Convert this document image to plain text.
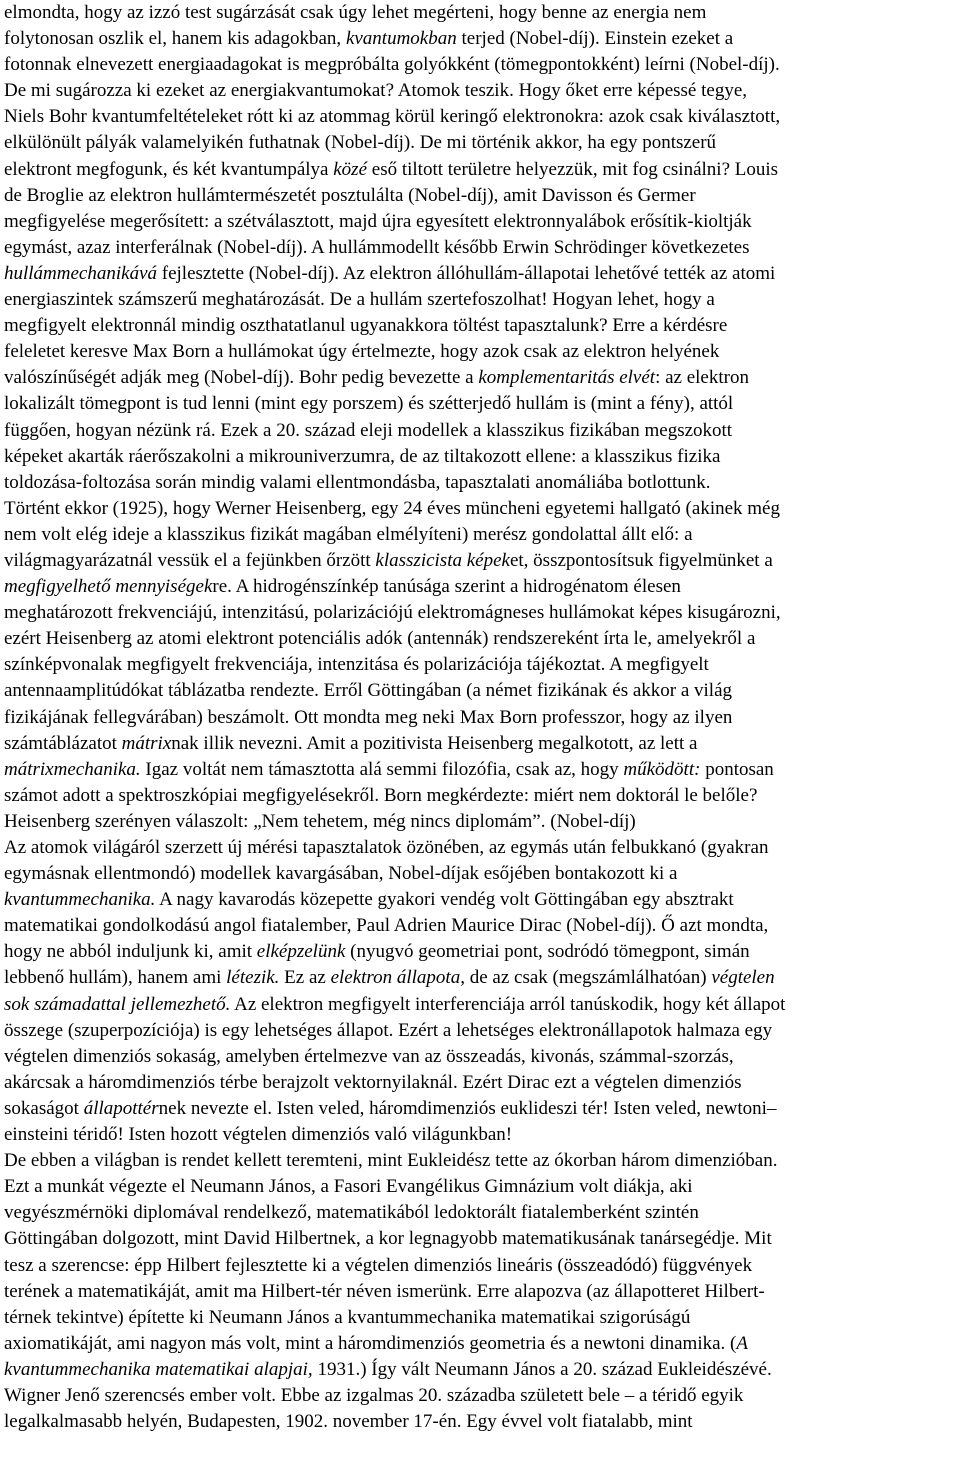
elmondta, hogy az izzó test sugárzását csak úgy lehet megérteni, hogy benne az energia nem
folytonosan oszlik el, hanem kis adagokban, kvantumokban terjed (Nobel-díj). Einstein ezeket a
fotonnak elnevezett energiaadagokat is megpróbálta golyókként (tömegpontokként) leírni (Nobel-díj).
De mi sugározza ki ezeket az energiakvantumokat? Atomok teszik. Hogy őket erre képessé tegye,
Niels Bohr kvantumfeltételeket rótt ki az atommag körül keringő elektronokra: azok csak kiválasztott,
elkülönült pályák valamelyikén futhatnak (Nobel-díj). De mi történik akkor, ha egy pontszerű
elektront megfogunk, és két kvantumpálya közé eső tiltott területre helyezzük, mit fog csinálni? Louis
de Broglie az elektron hullámtermészetét posztulálta (Nobel-díj), amit Davisson és Germer
megfigyelése megerősített: a szétválasztott, majd újra egyesített elektronnyalábok erősítik-kioltják
egymást, azaz interferálnak (Nobel-díj). A hullámmodellt később Erwin Schrödinger következetes
hullámmechanikává fejlesztette (Nobel-díj). Az elektron állóhullám-állapotai lehetővé tették az atomi
energiaszintek számszerű meghatározását. De a hullám szertefoszolhat! Hogyan lehet, hogy a
megfigyelt elektronnál mindig oszthatatlanul ugyanakkora töltést tapasztalunk? Erre a kérdésre
feleletet keresve Max Born a hullámokat úgy értelmezte, hogy azok csak az elektron helyének
valószínűségét adják meg (Nobel-díj). Bohr pedig bevezette a komplementaritás elvét: az elektron
lokalizált tömegpont is tud lenni (mint egy porszem) és szétterjedő hullám is (mint a fény), attól
függően, hogyan nézünk rá. Ezek a 20. század eleji modellek a klasszikus fizikában megszokott
képeket akarták ráerőszakolni a mikrouniverzumra, de az tiltakozott ellene: a klasszikus fizika
toldozása-foltozása során mindig valami ellentmondásba, tapasztalati anomáliába botlottunk.
Történt ekkor (1925), hogy Werner Heisenberg, egy 24 éves müncheni egyetemi hallgató (akinek még
nem volt elég ideje a klasszikus fizikát magában elmélyíteni) merész gondolattal állt elő: a
világmagyarázatnál vessük el a fejünkben őrzött klasszicista képeket, összpontosítsuk figyelmünket a
megfigyelhető mennyiségekre. A hidrogénszínkép tanúsága szerint a hidrogénatom élesen
meghatározott frekvenciájú, intenzitású, polarizációjú elektromágneses hullámokat képes kisugározni,
ezért Heisenberg az atomi elektront potenciális adók (antennák) rendszereként írta le, amelyekről a
színképvonalak megfigyelt frekvenciája, intenzitása és polarizációja tájékoztat. A megfigyelt
antennaamplitúdókat táblázatba rendezte. Erről Göttingában (a német fizikának és akkor a világ
fizikájának fellegvárában) beszámolt. Ott mondta meg neki Max Born professzor, hogy az ilyen
számtáblázatot mátrixnak illik nevezni. Amit a pozitivista Heisenberg megalkotott, az lett a
mátrixmechanika. Igaz voltát nem támasztotta alá semmi filozófia, csak az, hogy működött: pontosan
számot adott a spektroszkópiai megfigyelésekről. Born megkérdezte: miért nem doktorál le belőle?
Heisenberg szerényen válaszolt: „Nem tehetem, még nincs diplomám”. (Nobel-díj)
Az atomok világáról szerzett új mérési tapasztalatok özönében, az egymás után felbukkanó (gyakran
egymásnak ellentmondó) modellek kavargásában, Nobel-díjak esőjében bontakozott ki a
kvantummechanika. A nagy kavarodás közepette gyakori vendég volt Göttingában egy absztrakt
matematikai gondolkodású angol fiatalember, Paul Adrien Maurice Dirac (Nobel-díj). Ő azt mondta,
hogy ne abból induljunk ki, amit elképzelünk (nyugvó geometriai pont, sodródó tömegpont, simán
lebbenő hullám), hanem ami létezik. Ez az elektron állapota, de az csak (megszámlálhatóan) végtelen
sok számadattal jellemezhető. Az elektron megfigyelt interferenciája arról tanúskodik, hogy két állapot
összege (szuperpozíciója) is egy lehetséges állapot. Ezért a lehetséges elektronállapotok halmaza egy
végtelen dimenziós sokaság, amelyben értelmezve van az összeadás, kivonás, számmal-szorzás,
akárcsak a háromdimenziós térbe berajzolt vektornyilaknál. Ezért Dirac ezt a végtelen dimenziós
sokaságot állapottérnek nevezte el. Isten veled, háromdimenziós euklideszi tér! Isten veled, newtoni–
einsteini téridő! Isten hozott végtelen dimenziós való világunkban!
De ebben a világban is rendet kellett teremteni, mint Eukleidész tette az ókorban három dimenzióban.
Ezt a munkát végezte el Neumann János, a Fasori Evangélikus Gimnázium volt diákja, aki
vegyészmérnöki diplomával rendelkező, matematikából ledoktorált fiatalemberként szintén
Göttingában dolgozott, mint David Hilbertnek, a kor legnagyobb matematikusának tanársegédje. Mit
tesz a szerencse: épp Hilbert fejlesztette ki a végtelen dimenziós lineáris (összeadódó) függvények
terének a matematikáját, amit ma Hilbert-tér néven ismerünk. Erre alapozva (az állapotteret Hilbert-
térnek tekintve) építette ki Neumann János a kvantummechanika matematikai szigorúságú
axiomatikáját, ami nagyon más volt, mint a háromdimenziós geometria és a newtoni dinamika. (A
kvantummechanika matematikai alapjai, 1931.) Így vált Neumann János a 20. század Eukleidészévé.
Wigner Jenő szerencsés ember volt. Ebbe az izgalmas 20. századba született bele – a téridő egyik
legalkalmasabb helyén, Budapesten, 1902. november 17-én. Egy évvel volt fiatalabb, mint
